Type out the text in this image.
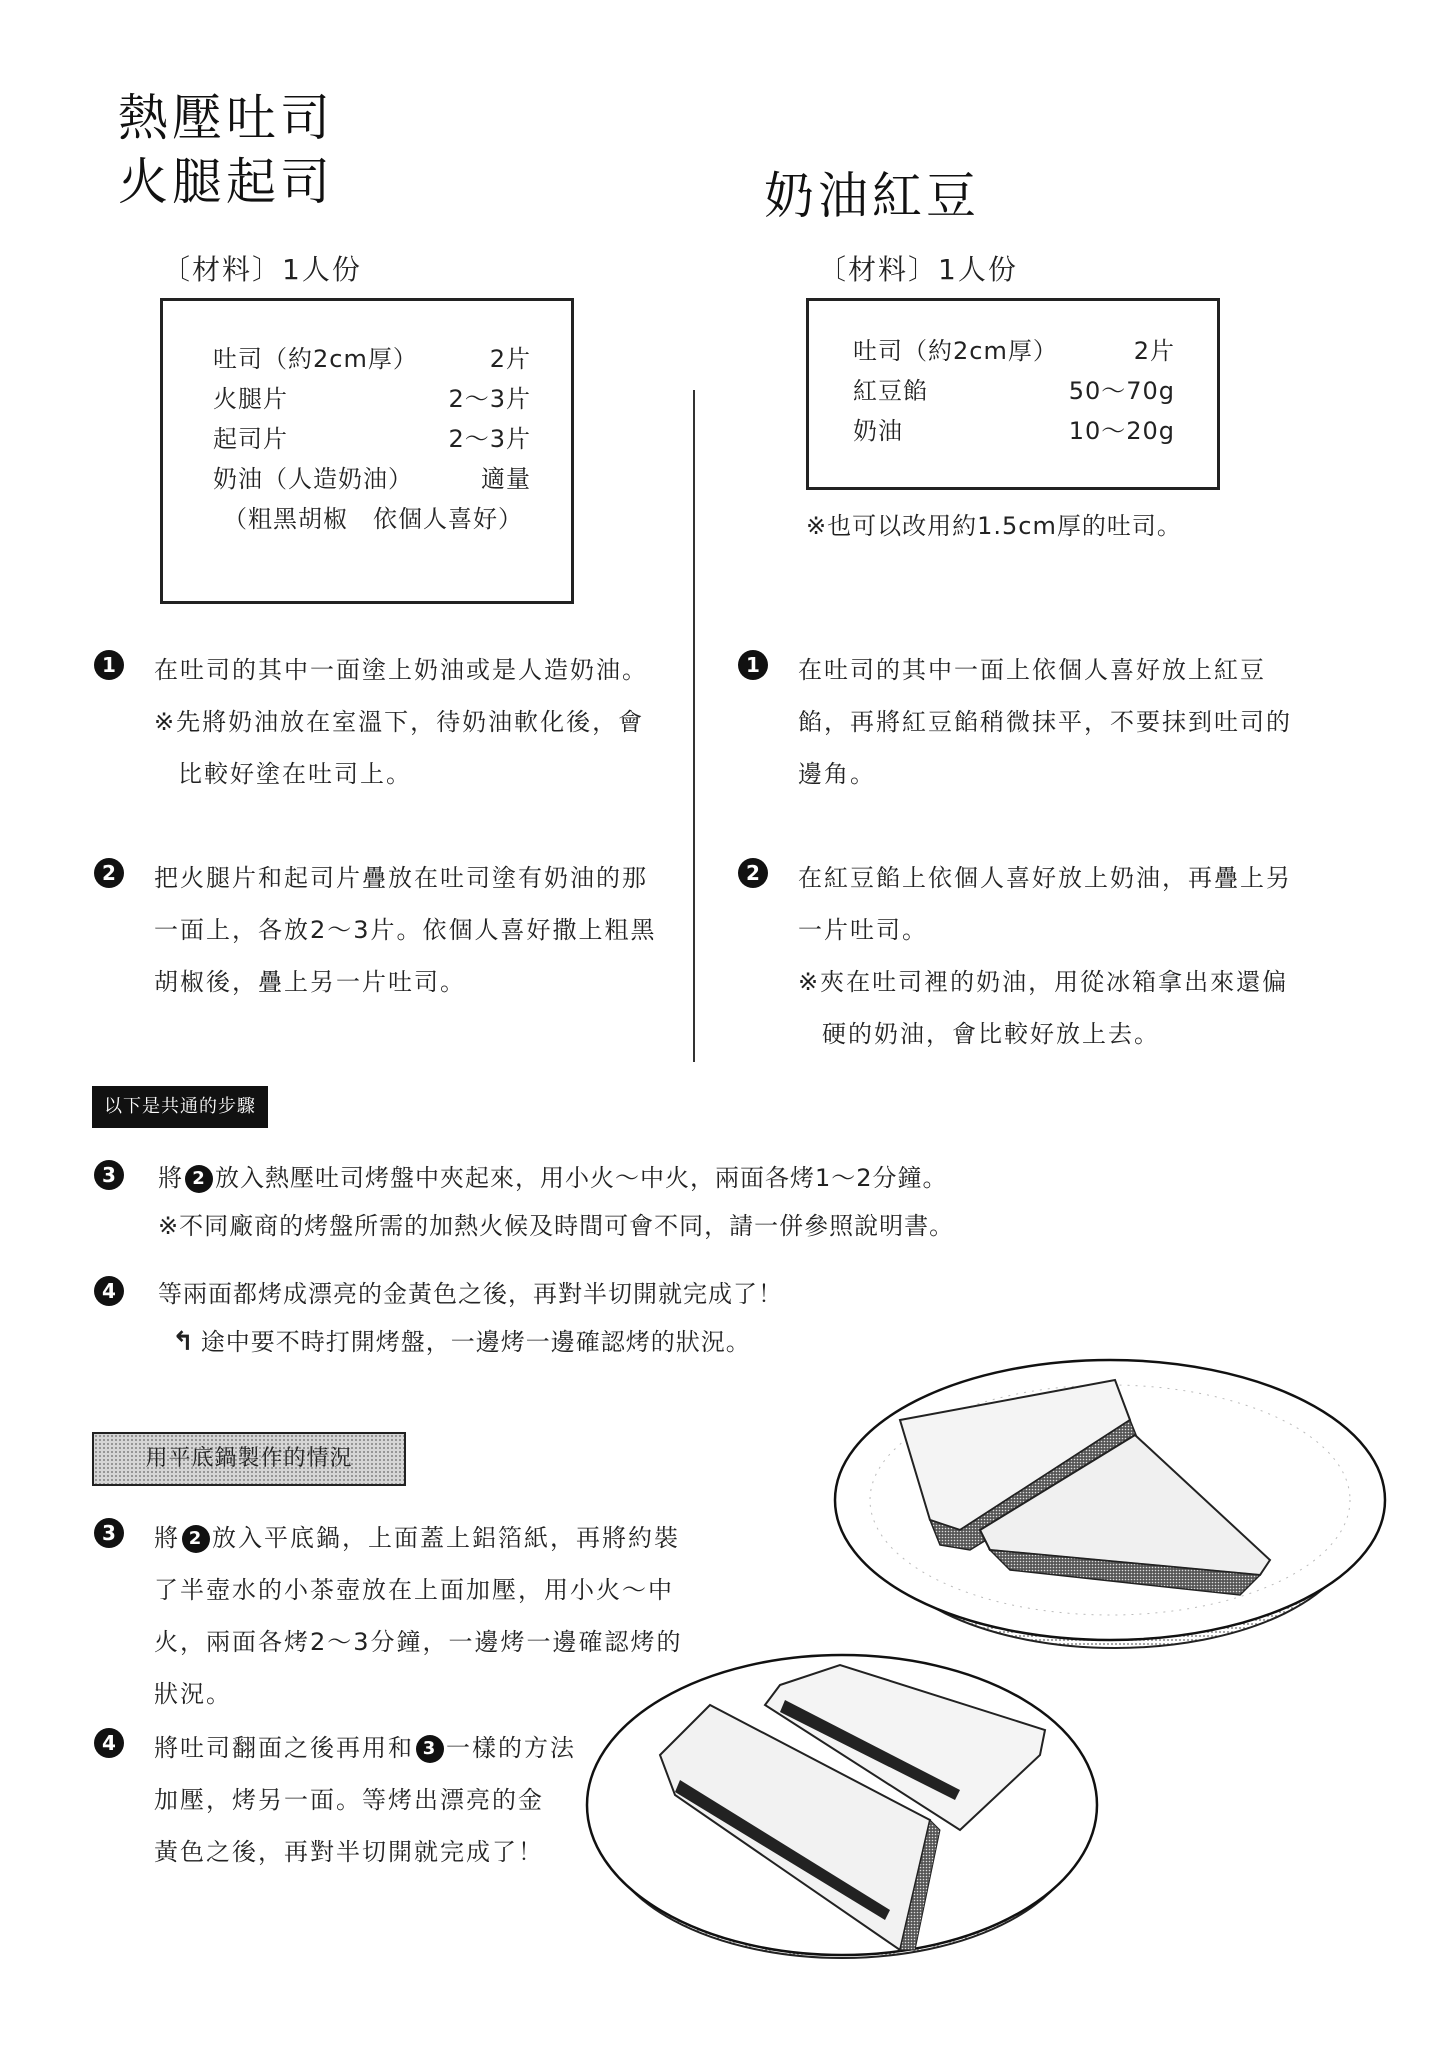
熱壓吐司
火腿起司
〔材料〕1人份
吐司（約2cm厚）	2片
火腿片	2～3片
起司片	2～3片
奶油（人造奶油）	適量
（粗黑胡椒　依個人喜好）
1	在吐司的其中一面塗上奶油或是人造奶油。
※先將奶油放在室溫下，待奶油軟化後，會
比較好塗在吐司上。
2	把火腿片和起司片疊放在吐司塗有奶油的那
一面上，各放2～3片。依個人喜好撒上粗黑
胡椒後，疊上另一片吐司。
奶油紅豆
〔材料〕1人份
吐司（約2cm厚）	2片
紅豆餡	50～70g
奶油	10～20g
※也可以改用約1.5cm厚的吐司。
1	在吐司的其中一面上依個人喜好放上紅豆
餡，再將紅豆餡稍微抹平，不要抹到吐司的
邊角。
2	在紅豆餡上依個人喜好放上奶油，再疊上另
一片吐司。
※夾在吐司裡的奶油，用從冰箱拿出來還偏
硬的奶油，會比較好放上去。
以下是共通的步驟
3	將 2 放入熱壓吐司烤盤中夾起來，用小火～中火，兩面各烤1～2分鐘。
※不同廠商的烤盤所需的加熱火候及時間可會不同，請一併參照說明書。
4	等兩面都烤成漂亮的金黃色之後，再對半切開就完成了！
↰ 途中要不時打開烤盤，一邊烤一邊確認烤的狀況。
用平底鍋製作的情況
3	將 2 放入平底鍋，上面蓋上鋁箔紙，再將約裝
了半壺水的小茶壺放在上面加壓，用小火～中
火，兩面各烤2～3分鐘，一邊烤一邊確認烤的
狀況。
4	將吐司翻面之後再用和 3 一樣的方法
加壓，烤另一面。等烤出漂亮的金
黃色之後，再對半切開就完成了！
